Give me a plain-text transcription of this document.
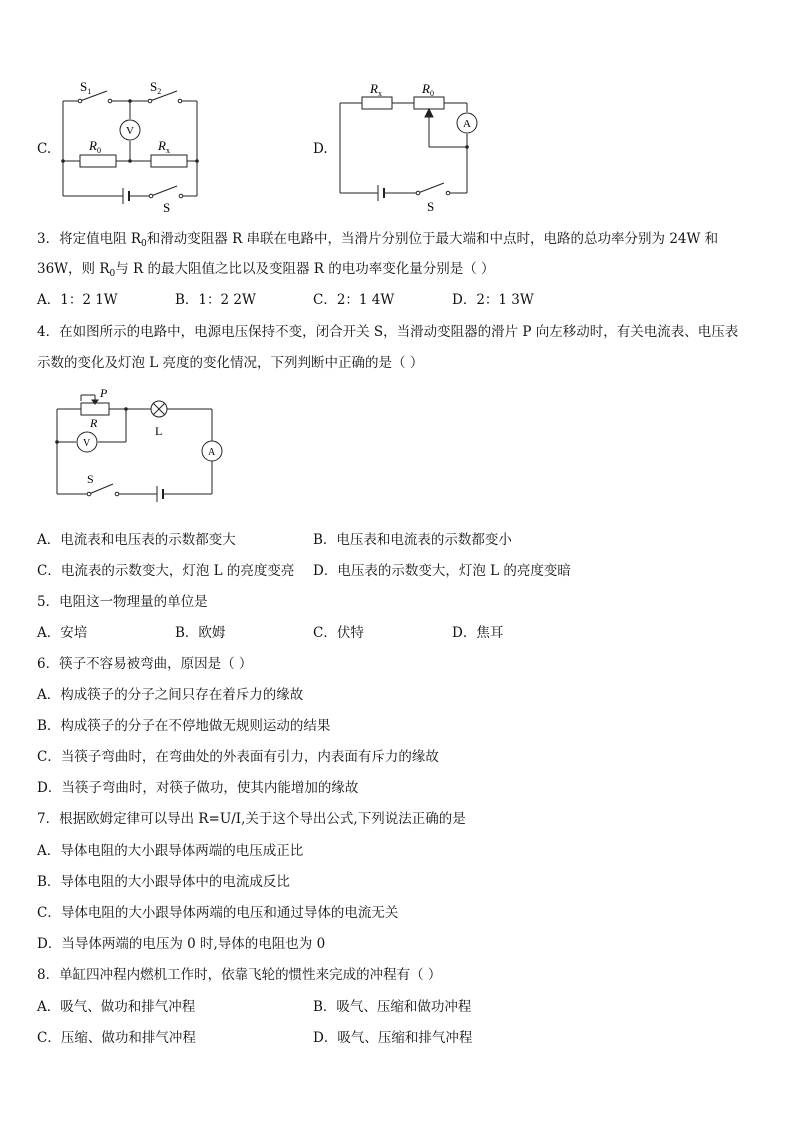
C.
$S_1$	$S_2$
$R_0$	$R_x$
V
S
D.
$R_x$	$R_0$
A
S
3．将定值电阻 $R_0$和滑动变阻器 R 串联在电路中，当滑片分别位于最大端和中点时，电路的总功率分别为 24W 和
36W，则 $R_0$与 R 的最大阻值之比以及变阻器 R 的电功率变化量分别是（ ）
A．1：2 1W	B．1：2 2W	C．2：1 4W	D．2：1 3W
4．在如图所示的电路中，电源电压保持不变，闭合开关 S，当滑动变阻器的滑片 P 向左移动时，有关电流表、电压表
示数的变化及灯泡 L 亮度的变化情况，下列判断中正确的是（ ）
P
R
L
V
A
S
A．电流表和电压表的示数都变大	B．电压表和电流表的示数都变小
C．电流表的示数变大，灯泡 L 的亮度变亮 D．电压表的示数变大，灯泡 L 的亮度变暗
5．电阻这一物理量的单位是
A．安培	B．欧姆	C．伏特	D．焦耳
6．筷子不容易被弯曲，原因是（ ）
A．构成筷子的分子之间只存在着斥力的缘故
B．构成筷子的分子在不停地做无规则运动的结果
C．当筷子弯曲时，在弯曲处的外表面有引力，内表面有斥力的缘故
D．当筷子弯曲时，对筷子做功，使其内能增加的缘故
7．根据欧姆定律可以导出 R=U/I,关于这个导出公式,下列说法正确的是
A．导体电阻的大小跟导体两端的电压成正比
B．导体电阻的大小跟导体中的电流成反比
C．导体电阻的大小跟导体两端的电压和通过导体的电流无关
D．当导体两端的电压为 0 时,导体的电阻也为 0
8．单缸四冲程内燃机工作时，依靠飞轮的惯性来完成的冲程有（ ）
A．吸气、做功和排气冲程	B．吸气、压缩和做功冲程
C．压缩、做功和排气冲程	D．吸气、压缩和排气冲程
